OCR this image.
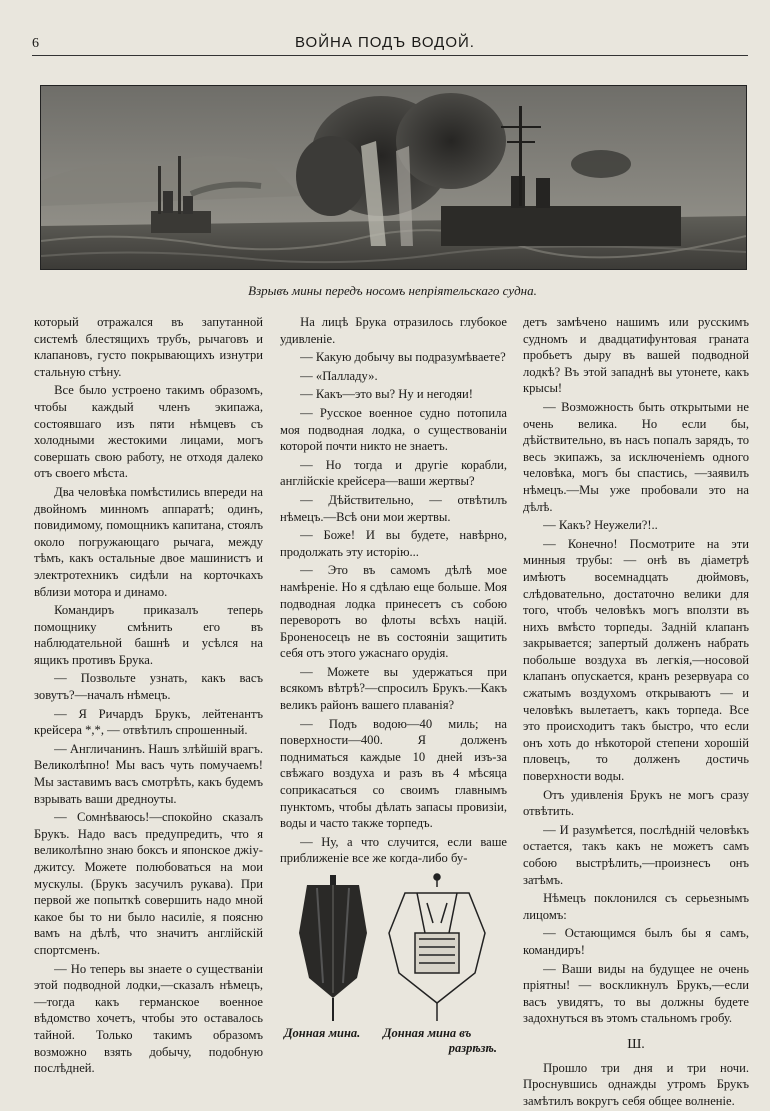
6	ВОЙНА ПОДЪ ВОДОЙ.
Взрывъ мины передъ носомъ непріятельскаго судна.

который отражался въ запутанной системѣ блестящихъ трубъ, рычаговъ и клапановъ, густо покрывающихъ изнутри стальную стѣну.

Все было устроено такимъ образомъ, чтобы каждый членъ экипажа, состоявшаго изъ пяти нѣмцевъ съ холодными жестокими лицами, могъ совершать свою работу, не отходя далеко отъ своего мѣста.

Два человѣка помѣстились впереди на двойномъ минномъ аппаратѣ; одинъ, повидимому, помощникъ капитана, стоялъ около погружающаго рычага, между тѣмъ, какъ остальные двое машинистъ и электротехникъ сидѣли на корточкахъ вблизи мотора и динамо.

Командиръ приказалъ теперь помощнику смѣнить его въ наблюдательной башнѣ и усѣлся на ящикъ противъ Брука.

— Позвольте узнать, какъ васъ зовутъ?—началъ нѣмецъ.

— Я Ричардъ Брукъ, лейтенантъ крейсера *,*, — отвѣтилъ спрошенный.

— Англичанинъ. Нашъ злѣйшій врагъ. Великолѣпно! Мы васъ чуть помучаемъ! Мы заставимъ васъ смотрѣть, какъ будемъ взрывать ваши дредноуты.

— Сомнѣваюсь!—спокойно сказалъ Брукъ. Надо васъ предупредить, что я великолѣпно знаю боксъ и японское джіу-джитсу. Можете полюбоваться на мои мускулы. (Брукъ засучилъ рукава). При первой же попыткѣ совершить надо мной какое бы то ни было насиліе, я поясню вамъ на дѣлѣ, что значитъ англійскій спортсменъ.

— Но теперь вы знаете о существаніи этой подводной лодки,—сказалъ нѣмецъ,—тогда какъ германское военное вѣдомство хочетъ, чтобы это оставалось тайной. Только такимъ образомъ возможно взять добычу, подобную послѣдней.

На лицѣ Брука отразилось глубокое удивленіе.

— Какую добычу вы подразумѣваете?

— «Палладу».

— Какъ—это вы? Ну и негодяи!

— Русское военное судно потопила моя подводная лодка, о существованіи которой почти никто не знаетъ.

— Но тогда и другіе корабли, англійскіе крейсера—ваши жертвы?

— Дѣйствительно, — отвѣтилъ нѣмецъ.—Всѣ они мои жертвы.

— Боже! И вы будете, навѣрно, продолжать эту исторію...

— Это въ самомъ дѣлѣ мое намѣреніе. Но я сдѣлаю еще больше. Моя подводная лодка принесетъ съ собою переворотъ во флоты всѣхъ націй. Броненосецъ не въ состояніи защитить себя отъ этого ужаснаго орудія.

— Можете вы удержаться при всякомъ вѣтрѣ?—спросилъ Брукъ.—Какъ великъ районъ вашего плаванія?

— Подъ водою—40 миль; на поверхности—400. Я долженъ подниматься каждые 10 дней изъ-за свѣжаго воздуха и разъ въ 4 мѣсяца соприкасаться со своимъ главнымъ пунктомъ, чтобы дѣлать запасы провизіи, воды и часто также торпедъ.

— Ну, а что случится, если ваше приближеніе все же когда-либо бу-

Донная мина. Донная мина въ
разрѣзѣ.

детъ замѣчено нашимъ или русскимъ судномъ и двадцатифунтовая граната пробьетъ дыру въ вашей подводной лодкѣ? Въ этой западнѣ вы утонете, какъ крысы!

— Возможность быть открытыми не очень велика. Но если бы, дѣйствительно, въ насъ попалъ зарядъ, то весь экипажъ, за исключеніемъ одного человѣка, могъ бы спастись, —заявилъ нѣмецъ.—Мы уже пробовали это на дѣлѣ.

— Какъ? Неужели?!..

— Конечно! Посмотрите на эти минныя трубы: — онѣ въ діаметрѣ имѣютъ восемнадцать дюймовъ, слѣдовательно, достаточно велики для того, чтобъ человѣкъ могъ вползти въ нихъ вмѣсто торпеды. Задній клапанъ закрывается; запертый долженъ набрать побольше воздуха въ легкія,—носовой клапанъ опускается, кранъ резервуара со сжатымъ воздухомъ открываютъ — и человѣкъ вылетаетъ, какъ торпеда. Все это происходитъ такъ быстро, что если онъ хоть до нѣкоторой степени хорошій пловецъ, то долженъ достичь поверхности воды.

Отъ удивленія Брукъ не могъ сразу отвѣтить.

— И разумѣется, послѣдній человѣкъ остается, такъ какъ не можетъ самъ собою выстрѣлить,—произнесъ онъ затѣмъ.

Нѣмецъ поклонился съ серьезнымъ лицомъ:

— Остающимся былъ бы я самъ, командиръ!

— Ваши виды на будущее не очень пріятны! — воскликнулъ Брукъ,—если васъ увидятъ, то вы должны будете задохнуться въ этомъ стальномъ гробу.

Ш.

Прошло три дня и три ночи. Проснувшись однажды утромъ Брукъ замѣтилъ вокругъ себя общее волненіе.
